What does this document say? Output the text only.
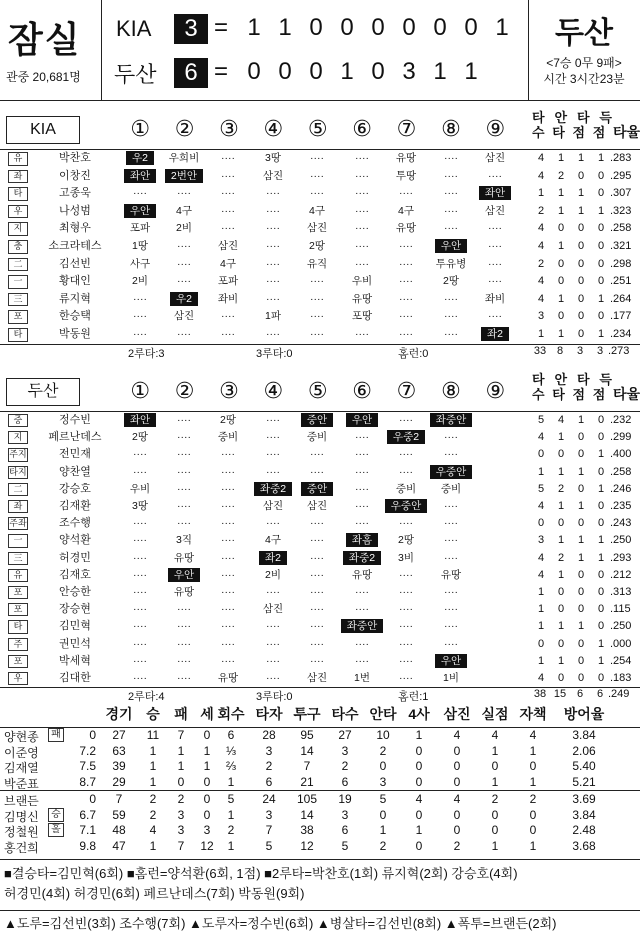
잠실
관중 20,681명
KIA	3 = 1 1 0 0 0 0 0 0 1
두산	6 = 0 0 0 1 0 3 1 1
두산
<7승 0무 9패>
시간 3시간23분
KIA	①	②	③	④	⑤	⑥	⑦	⑧	⑨	타 안 타 득
수 타 점 점 타율
유	박찬호	우2	우희비	····	3땅	····	····	유땅	····	삼진	4	1	1	1 .283
좌	이창진	좌안	2번안	····	삼진	····	····	투땅	····	····	4	2	0	0 .295
타	고종욱	····	····	····	····	····	····	····	····	좌안	1	1	1	0 .307
우	나성범	우안	4구	····	····	4구	····	4구	····	삼진	2	1	1	1 .323
지	최형우	포파	2비	····	····	삼진	····	유땅	····	····	4	0	0	0 .258
충	소크라테스	1땅	····	삼진	····	2땅	····	····	우안	····	4	1	0	0 .321
二	김선빈	사구	····	4구	····	유직	····	····	투유병	····	2	0	0	0 .298
一	황대인	2비	····	포파	····	····	우비	····	2땅	····	4	0	0	0 .251
三	류지혁	····	우2	좌비	····	····	유땅	····	····	좌비	4	1	0	1 .264
포	한승택	····	삼진	····	1파	····	포땅	····	····	····	3	0	0	0 .177
타	박동원	····	····	····	····	····	····	····	····	좌2	1	1	0	1 .234
2루타:3	3루타:0	홈런:0	33 8	3	3 .273
두산	①	②	③	④	⑤	⑥	⑦	⑧	⑨	타 안 타 득
수 타 점 점 타율
중	정수빈	좌안	····	2땅	····	중안	우안	····	좌중안	5	4	1	0 .232
지	페르난데스	2땅	····	중비	····	중비	····	우중2	····	4	1	0	0 .299
주지	전민재	····	····	····	····	····	····	····	····	0	0	0	1 .400
타지	양찬열	····	····	····	····	····	····	····	우중안	1	1	1	0 .258
二	강승호	우비	····	····	좌중2	중안	····	중비	중비	5	2	0	1 .246
좌	김재환	3땅	····	····	삼진	삼진	····	우중안	····	4	1	1	0 .235
주좌	조수행	····	····	····	····	····	····	····	····	0	0	0	0 .243
一	양석환	····	3직	····	4구	····	좌홈	2땅	····	3	1	1	1 .250
三	허경민	····	유땅	····	좌2	····	좌중2	3비	····	4	2	1	1 .293
유	김재호	····	우안	····	2비	····	유땅	····	유땅	4	1	0	0 .212
포	안승한	····	유땅	····	····	····	····	····	····	1	0	0	0 .313
포	장승현	····	····	····	삼진	····	····	····	····	1	0	0	0 .115
타	김민혁	····	····	····	····	····	좌중안	····	····	1	1	1	0 .250
주	권민석	····	····	····	····	····	····	····	····	0	0	0	1 .000
포	박세혁	····	····	····	····	····	····	····	우안	1	1	0	1 .254
우	김대한	····	····	유땅	····	삼진	1번	····	1비	4	0	0	0 .183
2루타:4	3루타:0	홈런:1	38 15 6	6 .249
경기 승	패 세 회수 타자 투구 타수 안타 4사 삼진 실점 자책	방어율
양현종	패	0	27	11	7	0	6	28	95	27	10	1	4	4	4	3.84
이준영	7.2	63	1	1	1	⅓	3	14	3	2	0	0	1	1	2.06
김재열	7.5	39	1	1	1	⅔	2	7	2	0	0	0	0	0	5.40
박준표	8.7	29	1	0	0	1	6	21	6	3	0	0	1	1	5.21
브랜든	0	7	2	2	0	5	24	105	19	5	4	4	2	2	3.69
김명신	승	6.7	59	2	3	0	1	3	14	3	0	0	0	0	0	3.84
정철원	홀	7.1	48	4	3	3	2	7	38	6	1	1	0	0	0	2.48
홍건희	9.8	47	1	7	12	1	5	12	5	2	0	2	1	1	3.68
■결승타=김민혁(6회) ■홈런=양석환(6회, 1점) ■2루타=박찬호(1회) 류지혁(2회) 강승호(4회)
허경민(4회) 허경민(6회) 페르난데스(7회) 박동원(9회)
▲도루=김선빈(3회) 조수행(7회) ▲도루자=정수빈(6회) ▲병살타=김선빈(8회) ▲폭투=브랜든(2회)
